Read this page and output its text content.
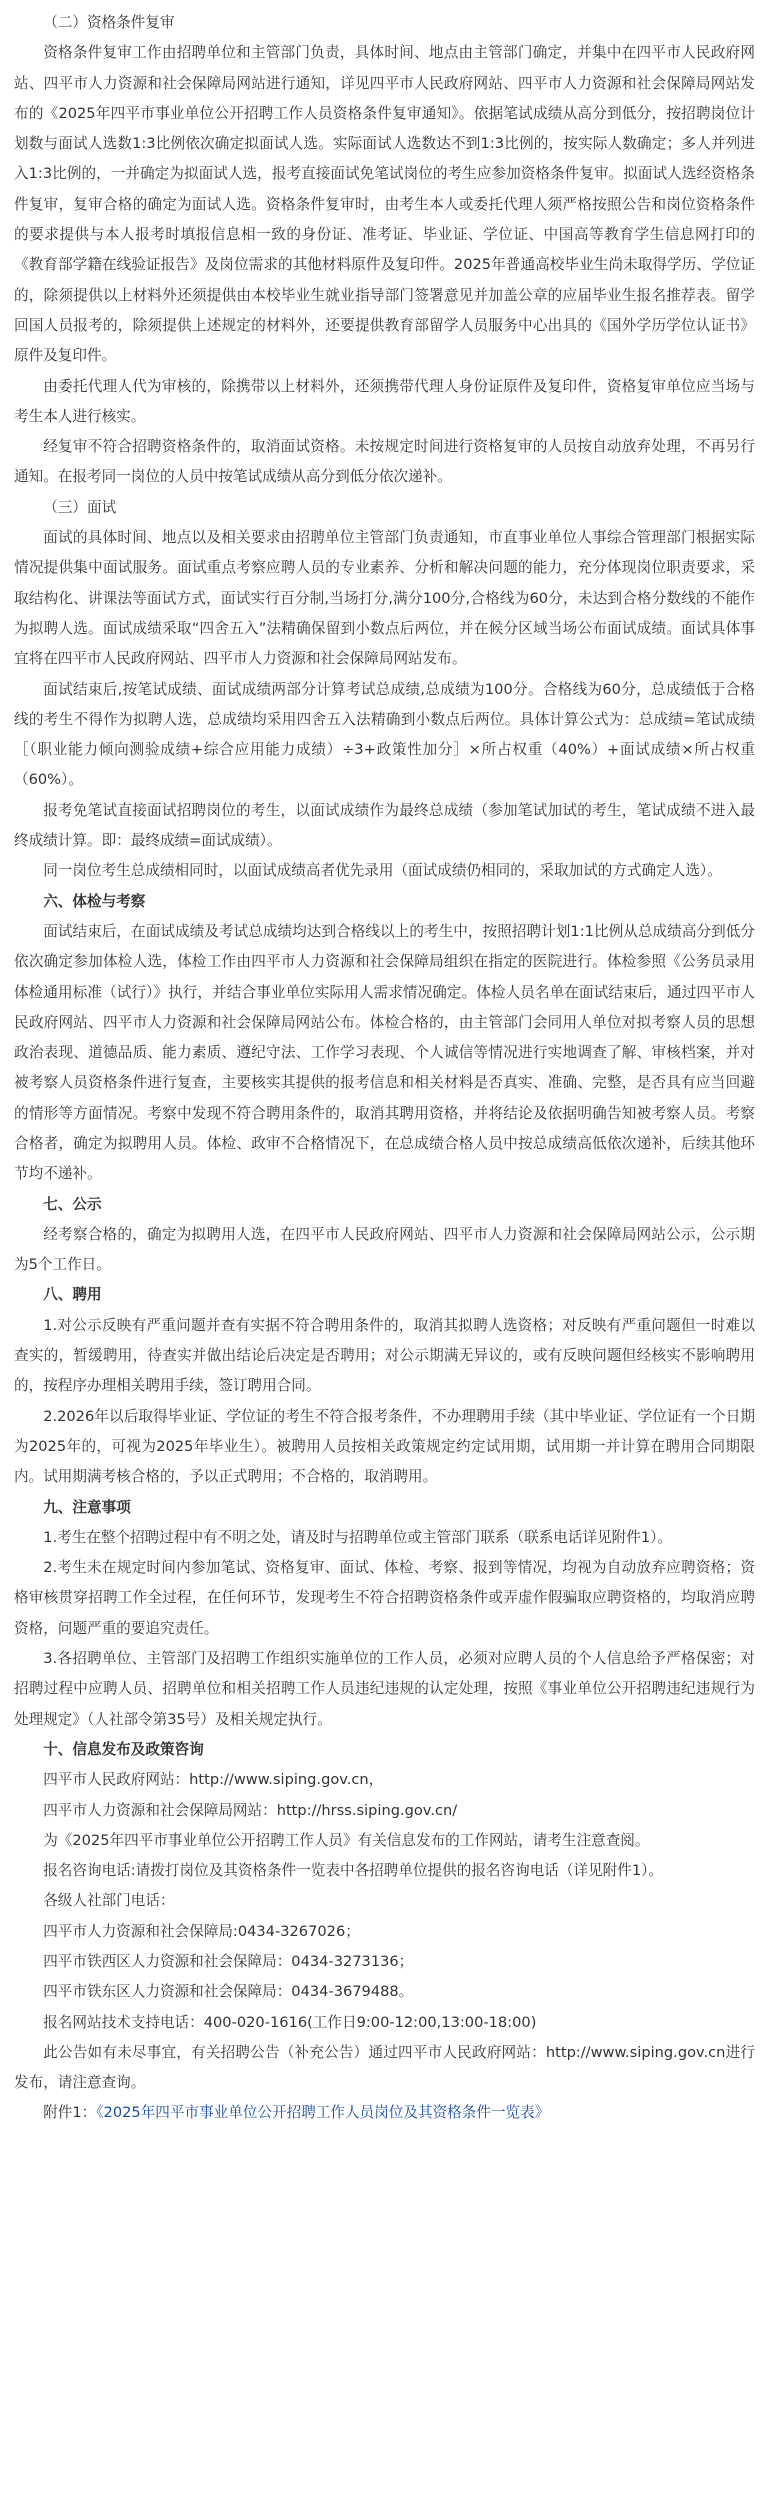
（二）资格条件复审

资格条件复审工作由招聘单位和主管部门负责，具体时间、地点由主管部门确定，并集中在四平市人民政府网站、四平市人力资源和社会保障局网站进行通知，详见四平市人民政府网站、四平市人力资源和社会保障局网站发布的《2025年四平市事业单位公开招聘工作人员资格条件复审通知》。依据笔试成绩从高分到低分，按招聘岗位计划数与面试人选数1:3比例依次确定拟面试人选。实际面试人选数达不到1:3比例的，按实际人数确定；多人并列进入1:3比例的，一并确定为拟面试人选，报考直接面试免笔试岗位的考生应参加资格条件复审。拟面试人选经资格条件复审，复审合格的确定为面试人选。资格条件复审时，由考生本人或委托代理人须严格按照公告和岗位资格条件的要求提供与本人报考时填报信息相一致的身份证、准考证、毕业证、学位证、中国高等教育学生信息网打印的《教育部学籍在线验证报告》及岗位需求的其他材料原件及复印件。2025年普通高校毕业生尚未取得学历、学位证的，除须提供以上材料外还须提供由本校毕业生就业指导部门签署意见并加盖公章的应届毕业生报名推荐表。留学回国人员报考的，除须提供上述规定的材料外，还要提供教育部留学人员服务中心出具的《国外学历学位认证书》原件及复印件。

由委托代理人代为审核的，除携带以上材料外，还须携带代理人身份证原件及复印件，资格复审单位应当场与考生本人进行核实。

经复审不符合招聘资格条件的，取消面试资格。未按规定时间进行资格复审的人员按自动放弃处理，不再另行通知。在报考同一岗位的人员中按笔试成绩从高分到低分依次递补。

（三）面试

面试的具体时间、地点以及相关要求由招聘单位主管部门负责通知，市直事业单位人事综合管理部门根据实际情况提供集中面试服务。面试重点考察应聘人员的专业素养、分析和解决问题的能力，充分体现岗位职责要求，采取结构化、讲课法等面试方式，面试实行百分制,当场打分,满分100分,合格线为60分，未达到合格分数线的不能作为拟聘人选。面试成绩采取“四舍五入”法精确保留到小数点后两位，并在候分区域当场公布面试成绩。面试具体事宜将在四平市人民政府网站、四平市人力资源和社会保障局网站发布。

面试结束后,按笔试成绩、面试成绩两部分计算考试总成绩,总成绩为100分。合格线为60分，总成绩低于合格线的考生不得作为拟聘人选，总成绩均采用四舍五入法精确到小数点后两位。具体计算公式为：总成绩=笔试成绩［（职业能力倾向测验成绩+综合应用能力成绩）÷3+政策性加分］×所占权重（40%）+面试成绩×所占权重（60%）。

报考免笔试直接面试招聘岗位的考生，以面试成绩作为最终总成绩（参加笔试加试的考生，笔试成绩不进入最终成绩计算。即：最终成绩=面试成绩）。

同一岗位考生总成绩相同时，以面试成绩高者优先录用（面试成绩仍相同的，采取加试的方式确定人选）。

六、体检与考察

面试结束后，在面试成绩及考试总成绩均达到合格线以上的考生中，按照招聘计划1:1比例从总成绩高分到低分依次确定参加体检人选，体检工作由四平市人力资源和社会保障局组织在指定的医院进行。体检参照《公务员录用体检通用标准（试行）》执行，并结合事业单位实际用人需求情况确定。体检人员名单在面试结束后，通过四平市人民政府网站、四平市人力资源和社会保障局网站公布。体检合格的，由主管部门会同用人单位对拟考察人员的思想政治表现、道德品质、能力素质、遵纪守法、工作学习表现、个人诚信等情况进行实地调查了解、审核档案，并对被考察人员资格条件进行复查，主要核实其提供的报考信息和相关材料是否真实、准确、完整，是否具有应当回避的情形等方面情况。考察中发现不符合聘用条件的，取消其聘用资格，并将结论及依据明确告知被考察人员。考察合格者，确定为拟聘用人员。体检、政审不合格情况下，在总成绩合格人员中按总成绩高低依次递补，后续其他环节均不递补。

七、公示

经考察合格的，确定为拟聘用人选，在四平市人民政府网站、四平市人力资源和社会保障局网站公示，公示期为5个工作日。

八、聘用

1.对公示反映有严重问题并查有实据不符合聘用条件的，取消其拟聘人选资格；对反映有严重问题但一时难以查实的，暂缓聘用，待查实并做出结论后决定是否聘用；对公示期满无异议的，或有反映问题但经核实不影响聘用的，按程序办理相关聘用手续，签订聘用合同。

2.2026年以后取得毕业证、学位证的考生不符合报考条件，不办理聘用手续（其中毕业证、学位证有一个日期为2025年的，可视为2025年毕业生）。被聘用人员按相关政策规定约定试用期，试用期一并计算在聘用合同期限内。试用期满考核合格的，予以正式聘用；不合格的，取消聘用。

九、注意事项

1.考生在整个招聘过程中有不明之处，请及时与招聘单位或主管部门联系（联系电话详见附件1）。

2.考生未在规定时间内参加笔试、资格复审、面试、体检、考察、报到等情况，均视为自动放弃应聘资格；资格审核贯穿招聘工作全过程，在任何环节，发现考生不符合招聘资格条件或弄虚作假骗取应聘资格的，均取消应聘资格，问题严重的要追究责任。

3.各招聘单位、主管部门及招聘工作组织实施单位的工作人员，必须对应聘人员的个人信息给予严格保密；对招聘过程中应聘人员、招聘单位和相关招聘工作人员违纪违规的认定处理，按照《事业单位公开招聘违纪违规行为处理规定》（人社部令第35号）及相关规定执行。

十、信息发布及政策咨询

四平市人民政府网站：http://www.siping.gov.cn，

四平市人力资源和社会保障局网站：http://hrss.siping.gov.cn/

为《2025年四平市事业单位公开招聘工作人员》有关信息发布的工作网站，请考生注意查阅。

报名咨询电话:请拨打岗位及其资格条件一览表中各招聘单位提供的报名咨询电话（详见附件1）。

各级人社部门电话：

四平市人力资源和社会保障局:0434-3267026；

四平市铁西区人力资源和社会保障局：0434-3273136；

四平市铁东区人力资源和社会保障局：0434-3679488。

报名网站技术支持电话：400-020-1616(工作日9:00-12:00,13:00-18:00)

此公告如有未尽事宜，有关招聘公告（补充公告）通过四平市人民政府网站：http://www.siping.gov.cn进行发布，请注意查询。

附件1：《2025年四平市事业单位公开招聘工作人员岗位及其资格条件一览表》
